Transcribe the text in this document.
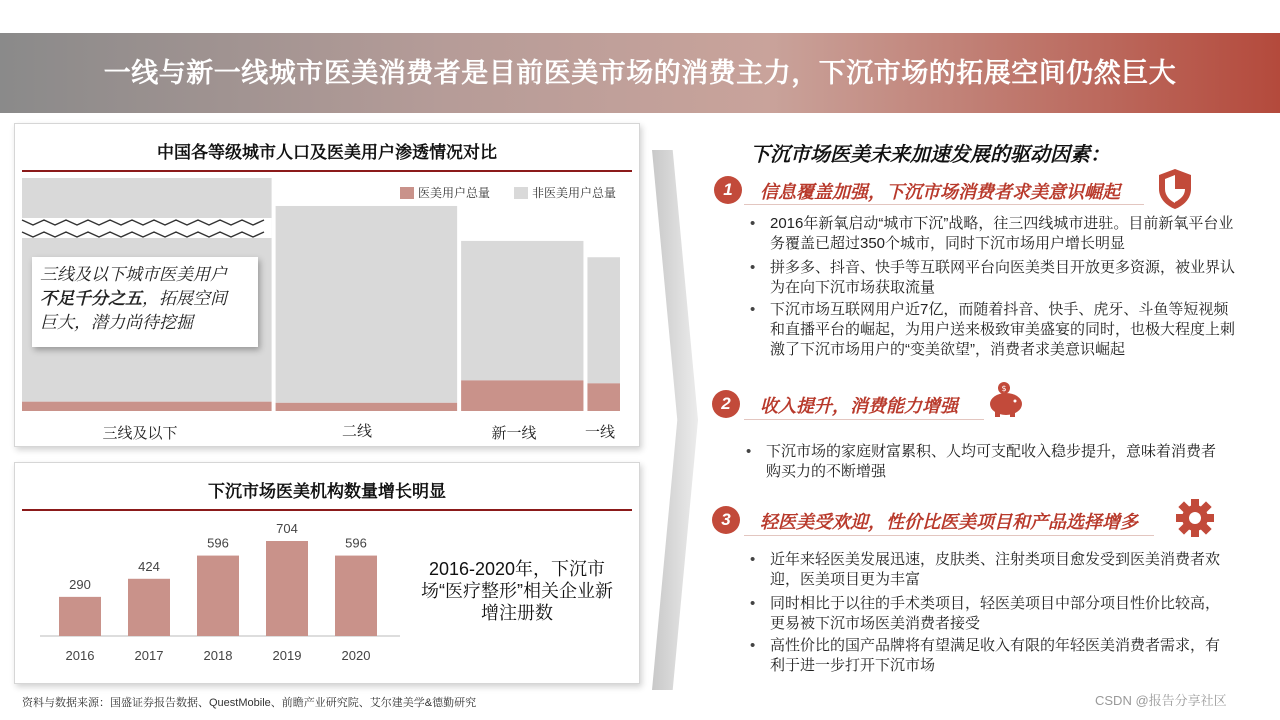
一线与新一线城市医美消费者是目前医美市场的消费主力，下沉市场的拓展空间仍然巨大
中国各等级城市人口及医美用户渗透情况对比
医美用户总量	非医美用户总量
三线及以下城市医美用户
不足千分之五，拓展空间
巨大，潜力尚待挖掘
三线及以下	二线	新一线	一线
下沉市场医美机构数量增长明显
290
2016
424
2017
596
2018
704
2019
596
2020
2016-2020年，下沉市场“医疗整形”相关企业新增注册数
资料与数据来源：国盛证券报告数据、QuestMobile、前瞻产业研究院、艾尔建美学&德勤研究
下沉市场医美未来加速发展的驱动因素：
1	信息覆盖加强，下沉市场消费者求美意识崛起
• 2016年新氧启动“城市下沉”战略，往三四线城市进驻。目前新氧平台业务覆盖已超过350个城市，同时下沉市场用户增长明显
• 拼多多、抖音、快手等互联网平台向医美类目开放更多资源，被业界认为在向下沉市场获取流量
• 下沉市场互联网用户近7亿，而随着抖音、快手、虎牙、斗鱼等短视频和直播平台的崛起，为用户送来极致审美盛宴的同时，也极大程度上刺激了下沉市场用户的“变美欲望”，消费者求美意识崛起
2	收入提升，消费能力增强
$
• 下沉市场的家庭财富累积、人均可支配收入稳步提升，意味着消费者购买力的不断增强
3	轻医美受欢迎，性价比医美项目和产品选择增多
• 近年来轻医美发展迅速，皮肤类、注射类项目愈发受到医美消费者欢迎，医美项目更为丰富
• 同时相比于以往的手术类项目，轻医美项目中部分项目性价比较高，更易被下沉市场医美消费者接受
• 高性价比的国产品牌将有望满足收入有限的年轻医美消费者需求，有利于进一步打开下沉市场
CSDN @报告分享社区
